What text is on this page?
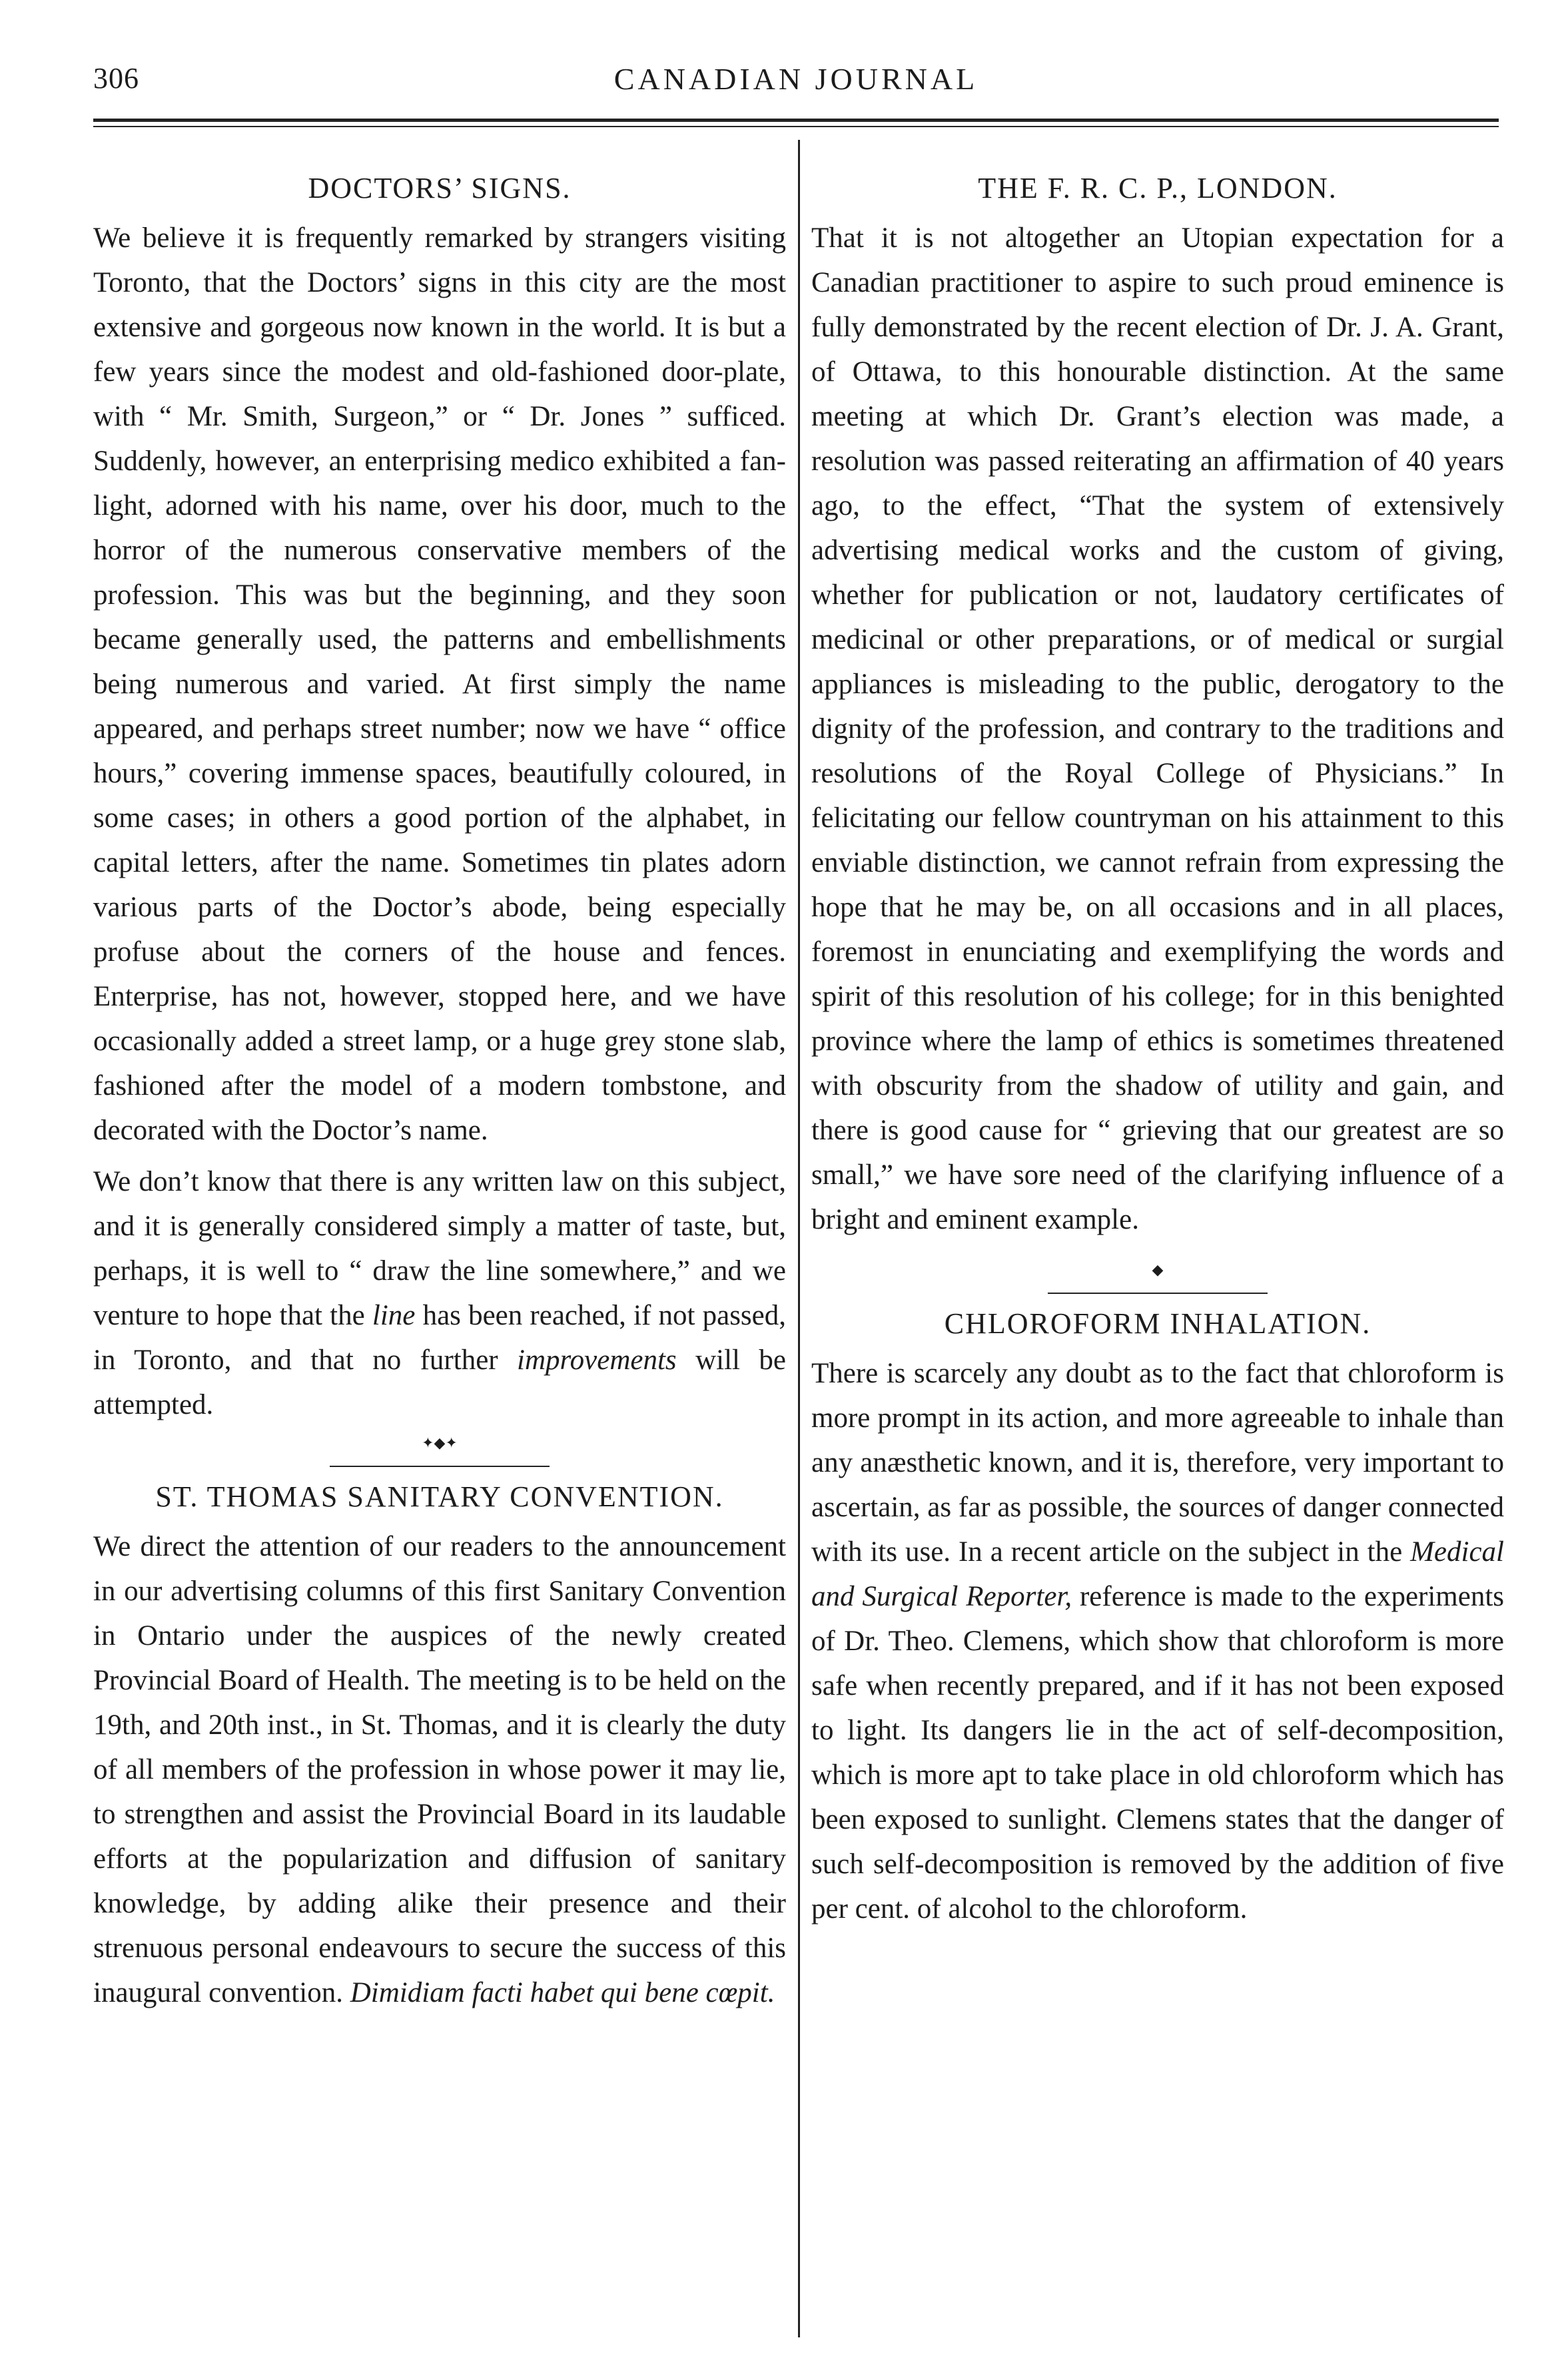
306	CANADIAN JOURNAL
DOCTORS’ SIGNS.

We believe it is frequently remarked by strangers visiting Toronto, that the Doctors’ signs in this city are the most extensive and gorgeous now known in the world. It is but a few years since the modest and old-fashioned door-plate, with “ Mr. Smith, Surgeon,” or “ Dr. Jones ” sufficed. Suddenly, however, an enterprising medico exhibited a fan-light, adorned with his name, over his door, much to the horror of the numerous conservative members of the profession. This was but the beginning, and they soon became generally used, the patterns and embellishments being numerous and varied. At first simply the name appeared, and perhaps street number; now we have “ office hours,” covering immense spaces, beautifully coloured, in some cases; in others a good portion of the alphabet, in capital letters, after the name. Sometimes tin plates adorn various parts of the Doctor’s abode, being especially profuse about the corners of the house and fences. Enterprise, has not, however, stopped here, and we have occasionally added a street lamp, or a huge grey stone slab, fashioned after the model of a modern tombstone, and decorated with the Doctor’s name.

We don’t know that there is any written law on this subject, and it is generally considered simply a matter of taste, but, perhaps, it is well to “ draw the line somewhere,” and we venture to hope that the line has been reached, if not passed, in Toronto, and that no further improvements will be attempted.

✦◆✦
ST. THOMAS SANITARY CONVENTION.

We direct the attention of our readers to the announcement in our advertising columns of this first Sanitary Convention in Ontario under the auspices of the newly created Provincial Board of Health. The meeting is to be held on the 19th, and 20th inst., in St. Thomas, and it is clearly the duty of all members of the profession in whose power it may lie, to strengthen and assist the Provincial Board in its laudable efforts at the popularization and diffusion of sanitary knowledge, by adding alike their presence and their strenuous personal endeavours to secure the success of this inaugural convention. Dimidiam facti habet qui bene cœpit.

THE F. R. C. P., LONDON.

That it is not altogether an Utopian expectation for a Canadian practitioner to aspire to such proud eminence is fully demonstrated by the recent election of Dr. J. A. Grant, of Ottawa, to this honourable distinction. At the same meeting at which Dr. Grant’s election was made, a resolution was passed reiterating an affirmation of 40 years ago, to the effect, “That the system of extensively advertising medical works and the custom of giving, whether for publication or not, laudatory certificates of medicinal or other preparations, or of medical or surgial appliances is misleading to the public, derogatory to the dignity of the profession, and contrary to the traditions and resolutions of the Royal College of Physicians.” In felicitating our fellow countryman on his attainment to this enviable distinction, we cannot refrain from expressing the hope that he may be, on all occasions and in all places, foremost in enunciating and exemplifying the words and spirit of this resolution of his college; for in this benighted province where the lamp of ethics is sometimes threatened with obscurity from the shadow of utility and gain, and there is good cause for “ grieving that our greatest are so small,” we have sore need of the clarifying influence of a bright and eminent example.

◆
CHLOROFORM INHALATION.

There is scarcely any doubt as to the fact that chloroform is more prompt in its action, and more agreeable to inhale than any anæsthetic known, and it is, therefore, very important to ascertain, as far as possible, the sources of danger connected with its use. In a recent article on the subject in the Medical and Surgical Reporter, reference is made to the experiments of Dr. Theo. Clemens, which show that chloroform is more safe when recently prepared, and if it has not been exposed to light. Its dangers lie in the act of self-decomposition, which is more apt to take place in old chloroform which has been exposed to sunlight. Clemens states that the danger of such self-decomposition is removed by the addition of five per cent. of alcohol to the chloroform.
